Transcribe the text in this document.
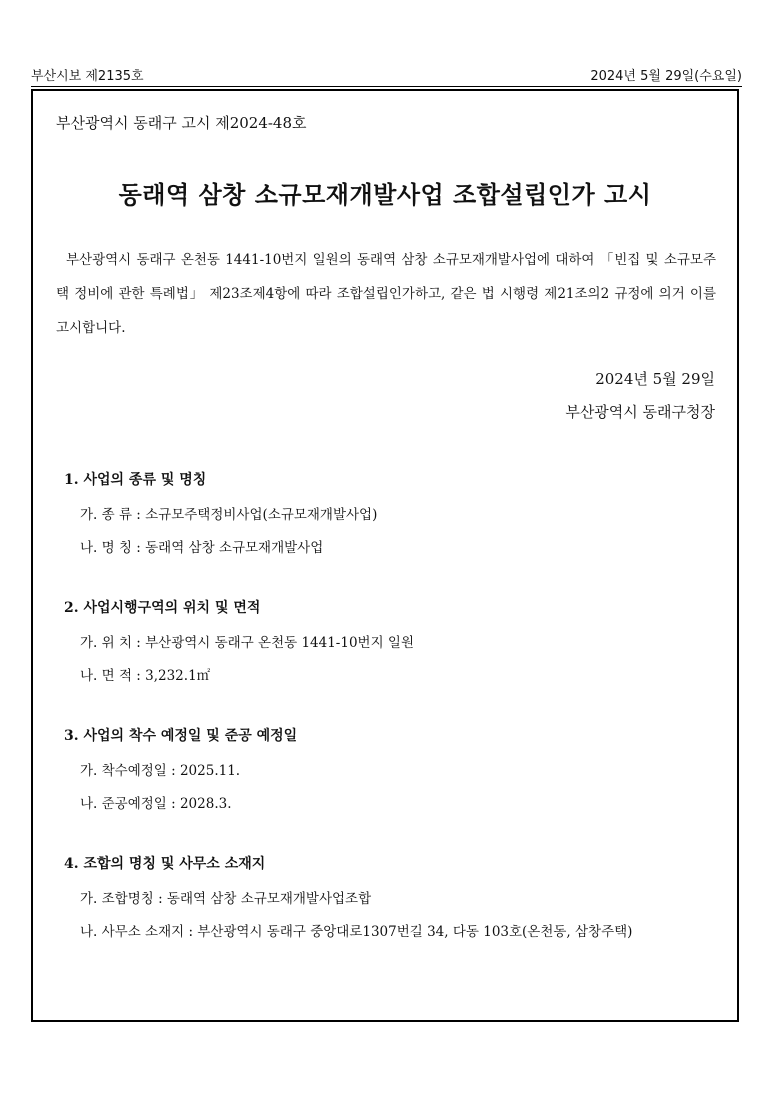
부산시보 제2135호	2024년 5월 29일(수요일)
부산광역시 동래구 고시 제2024-48호
동래역 삼창 소규모재개발사업 조합설립인가 고시
부산광역시 동래구 온천동 1441-10번지 일원의 동래역 삼창 소규모재개발사업에 대하여 「빈집 및 소규모주택 정비에 관한 특례법」 제23조제4항에 따라 조합설립인가하고, 같은 법 시행령 제21조의2 규정에 의거 이를 고시합니다.
2024년 5월 29일
부산광역시 동래구청장
1. 사업의 종류 및 명칭
가. 종 류 : 소규모주택정비사업(소규모재개발사업)
나. 명 칭 : 동래역 삼창 소규모재개발사업
2. 사업시행구역의 위치 및 면적
가. 위 치 : 부산광역시 동래구 온천동 1441-10번지 일원
나. 면 적 : 3,232.1㎡
3. 사업의 착수 예정일 및 준공 예정일
가. 착수예정일 : 2025.11.
나. 준공예정일 : 2028.3.
4. 조합의 명칭 및 사무소 소재지
가. 조합명칭 : 동래역 삼창 소규모재개발사업조합
나. 사무소 소재지 : 부산광역시 동래구 중앙대로1307번길 34, 다동 103호(온천동, 삼창주택)
